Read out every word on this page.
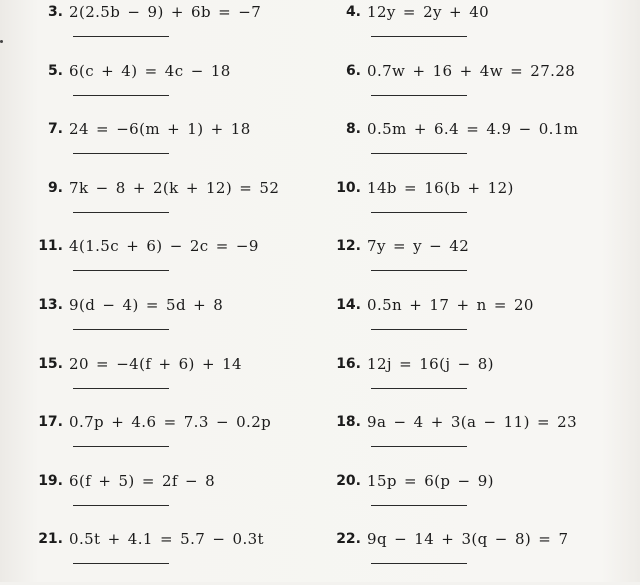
3. 2(2.5b − 9) + 6b = −7	4. 12y = 2y + 40
5. 6(c + 4) = 4c − 18	6. 0.7w + 16 + 4w = 27.28
7. 24 = −6(m + 1) + 18	8. 0.5m + 6.4 = 4.9 − 0.1m
9. 7k − 8 + 2(k + 12) = 52	10. 14b = 16(b + 12)
11. 4(1.5c + 6) − 2c = −9	12. 7y = y − 42
13. 9(d − 4) = 5d + 8	14. 0.5n + 17 + n = 20
15. 20 = −4(f + 6) + 14	16. 12j = 16(j − 8)
17. 0.7p + 4.6 = 7.3 − 0.2p	18. 9a − 4 + 3(a − 11) = 23
19. 6(f + 5) = 2f − 8	20. 15p = 6(p − 9)
21. 0.5t + 4.1 = 5.7 − 0.3t	22. 9q − 14 + 3(q − 8) = 7
